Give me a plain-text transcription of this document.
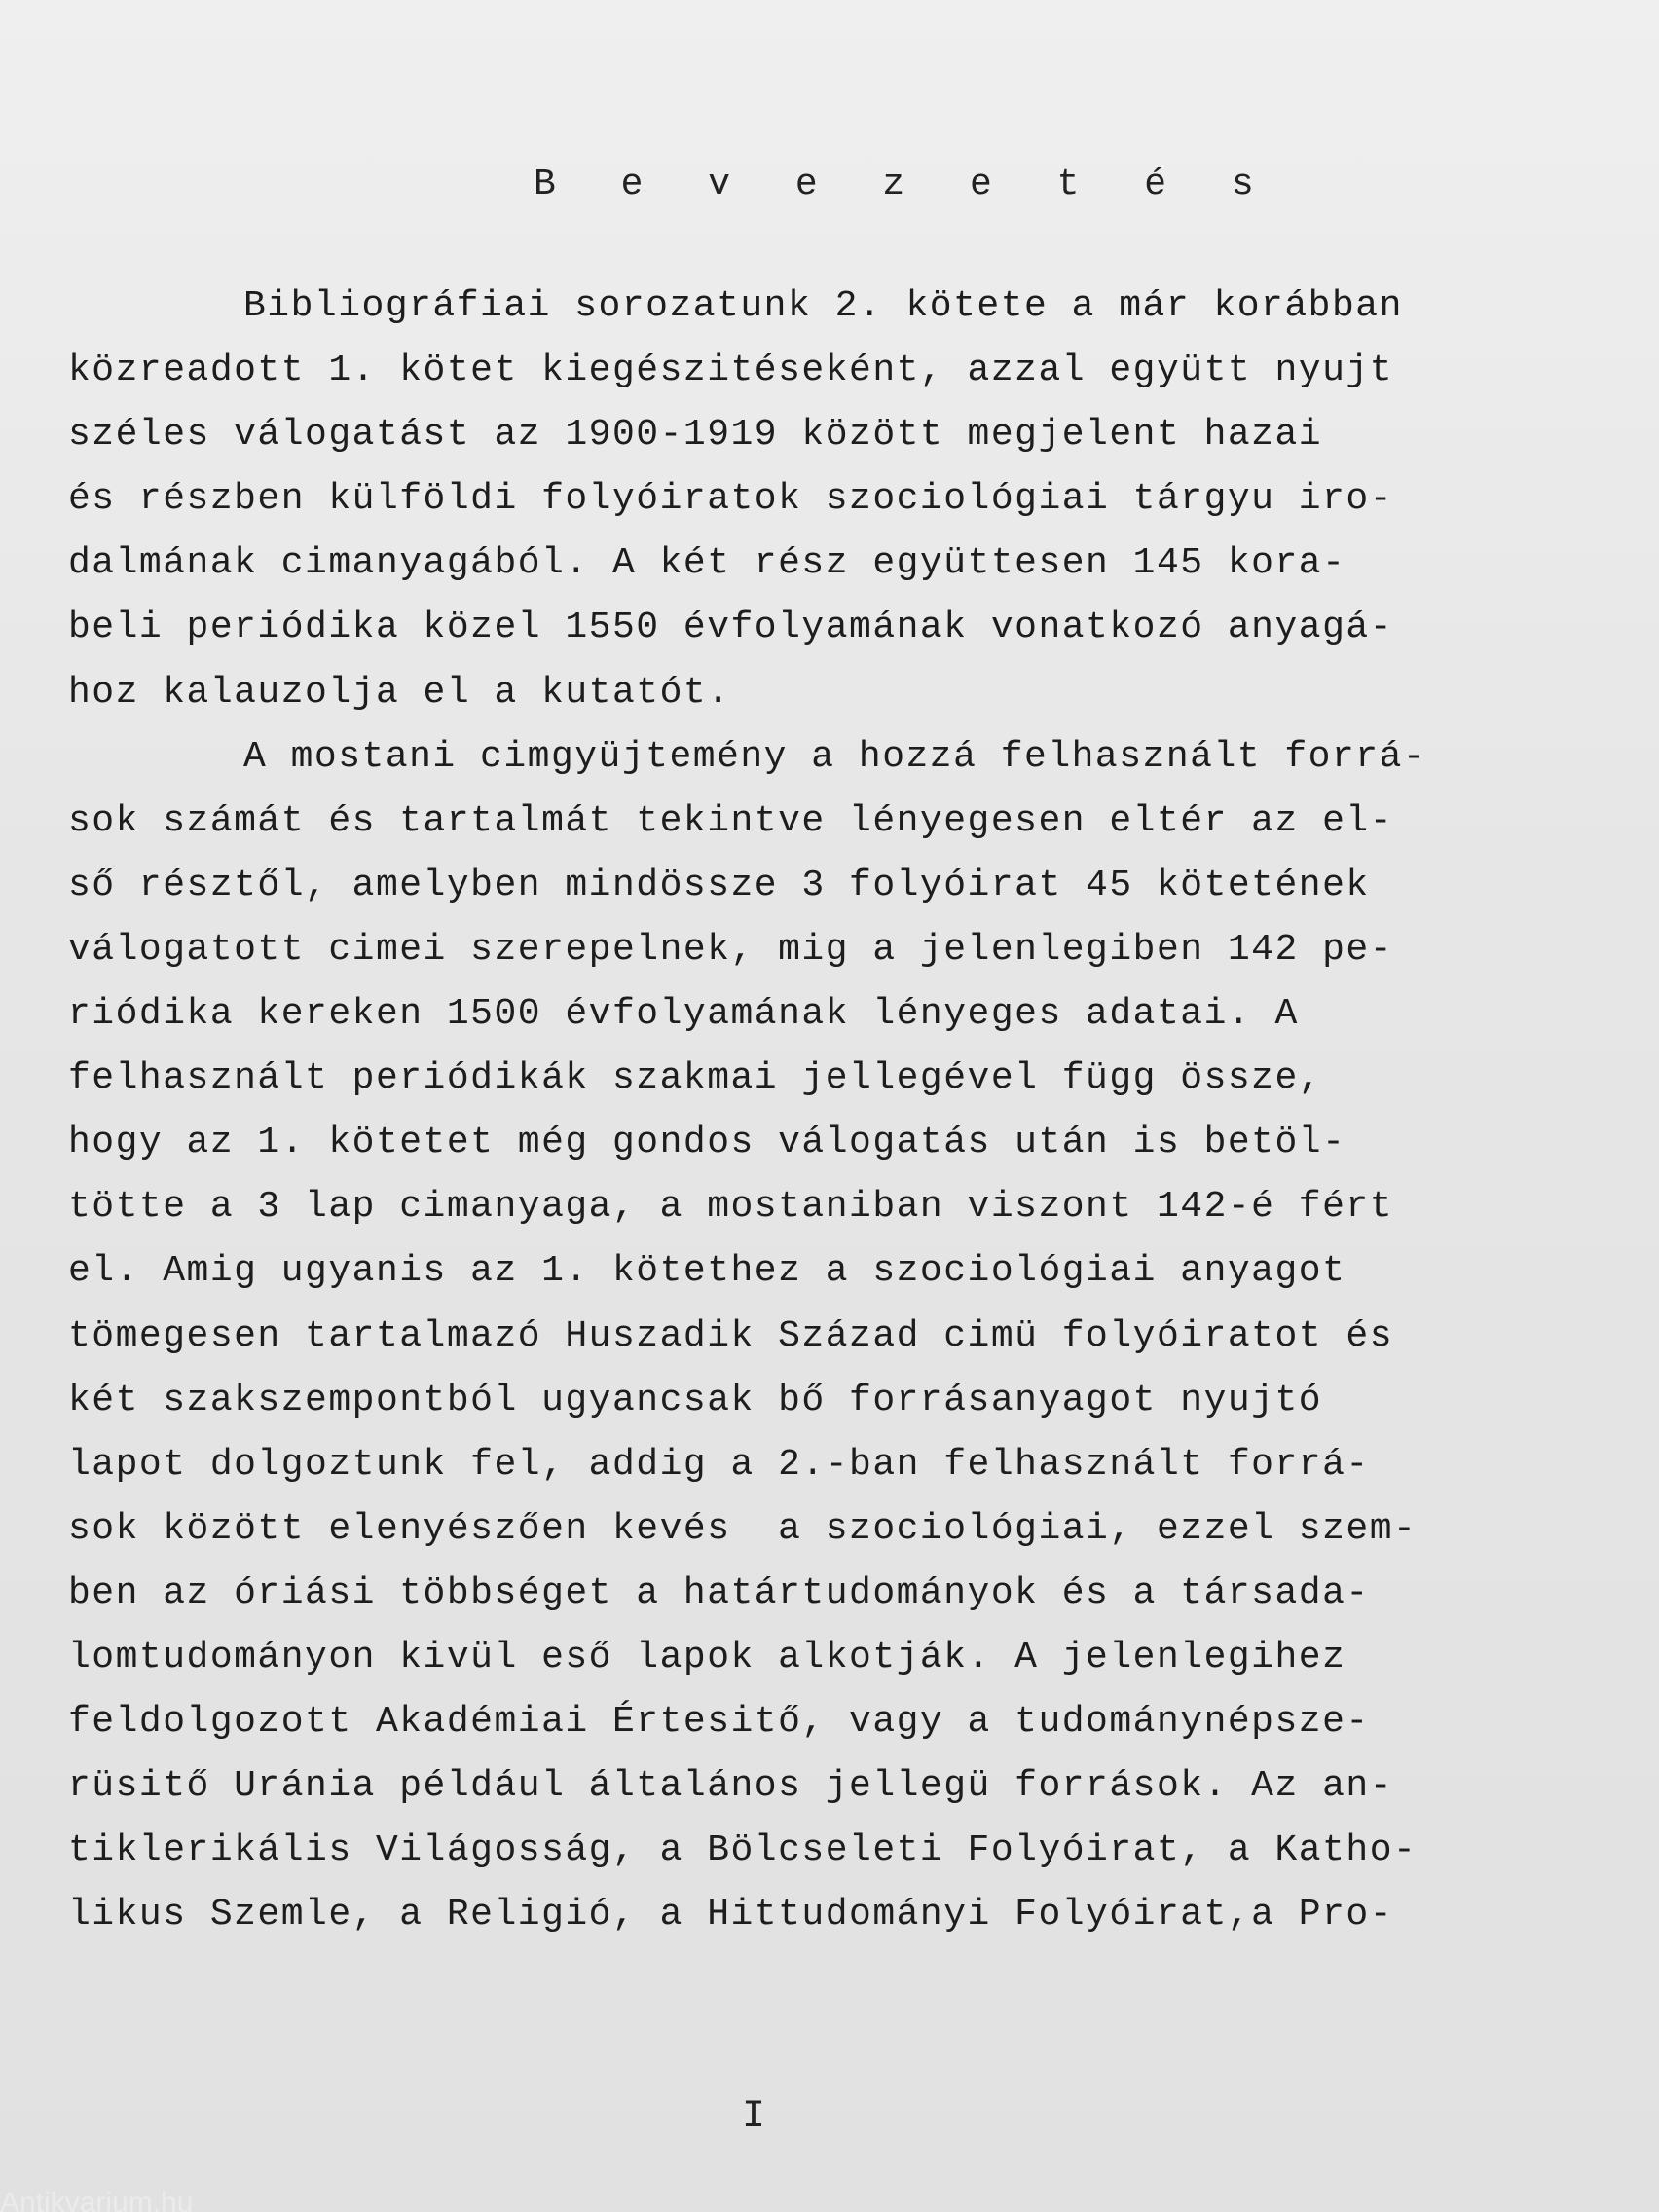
B e v e z e t é s
Bibliográfiai sorozatunk 2. kötete a már korábban
közreadott 1. kötet kiegészitéseként, azzal együtt nyujt
széles válogatást az 1900-1919 között megjelent hazai
és részben külföldi folyóiratok szociológiai tárgyu iro-
dalmának cimanyagából. A két rész együttesen 145 kora-
beli periódika közel 1550 évfolyamának vonatkozó anyagá-
hoz kalauzolja el a kutatót.
A mostani cimgyüjtemény a hozzá felhasznált forrá-
sok számát és tartalmát tekintve lényegesen eltér az el-
ső résztől, amelyben mindössze 3 folyóirat 45 kötetének
válogatott cimei szerepelnek, mig a jelenlegiben 142 pe-
riódika kereken 1500 évfolyamának lényeges adatai. A
felhasznált periódikák szakmai jellegével függ össze,
hogy az 1. kötetet még gondos válogatás után is betöl-
tötte a 3 lap cimanyaga, a mostaniban viszont 142-é fért
el. Amig ugyanis az 1. kötethez a szociológiai anyagot
tömegesen tartalmazó Huszadik Század cimü folyóiratot és
két szakszempontból ugyancsak bő forrásanyagot nyujtó
lapot dolgoztunk fel, addig a 2.-ban felhasznált forrá-
sok között elenyészően kevés  a szociológiai, ezzel szem-
ben az óriási többséget a határtudományok és a társada-
lomtudományon kivül eső lapok alkotják. A jelenlegihez
feldolgozott Akadémiai Értesitő, vagy a tudománynépsze-
rüsitő Uránia például általános jellegü források. Az an-
tiklerikális Világosság, a Bölcseleti Folyóirat, a Katho-
likus Szemle, a Religió, a Hittudományi Folyóirat,a Pro-
I
Antikvarium.hu
